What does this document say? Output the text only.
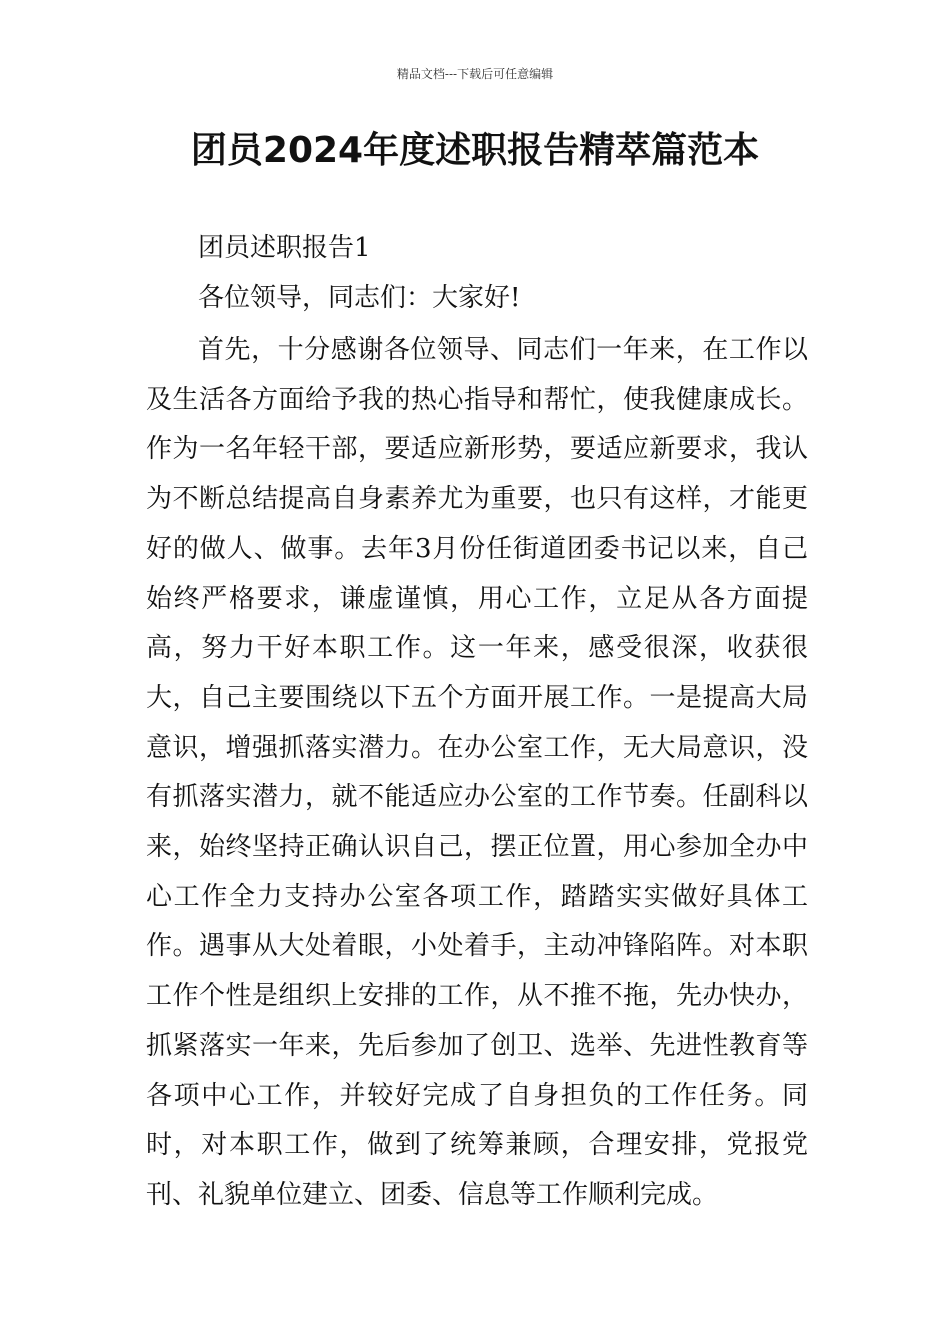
精品文档---下载后可任意编辑
团员2024年度述职报告精萃篇范本

团员述职报告1

各位领导，同志们：大家好!

首先，十分感谢各位领导、同志们一年来，在工作以及生活各方面给予我的热心指导和帮忙，使我健康成长。作为一名年轻干部，要适应新形势，要适应新要求，我认为不断总结提高自身素养尤为重要，也只有这样，才能更好的做人、做事。去年3月份任街道团委书记以来，自己始终严格要求，谦虚谨慎，用心工作，立足从各方面提高，努力干好本职工作。这一年来，感受很深，收获很大，自己主要围绕以下五个方面开展工作。一是提高大局意识，增强抓落实潜力。在办公室工作，无大局意识，没有抓落实潜力，就不能适应办公室的工作节奏。任副科以来，始终坚持正确认识自己，摆正位置，用心参加全办中心工作全力支持办公室各项工作，踏踏实实做好具体工作。遇事从大处着眼，小处着手，主动冲锋陷阵。对本职工作个性是组织上安排的工作，从不推不拖，先办快办，抓紧落实一年来，先后参加了创卫、选举、先进性教育等各项中心工作，并较好完成了自身担负的工作任务。同时，对本职工作，做到了统筹兼顾，合理安排，党报党刊、礼貌单位建立、团委、信息等工作顺利完成。
